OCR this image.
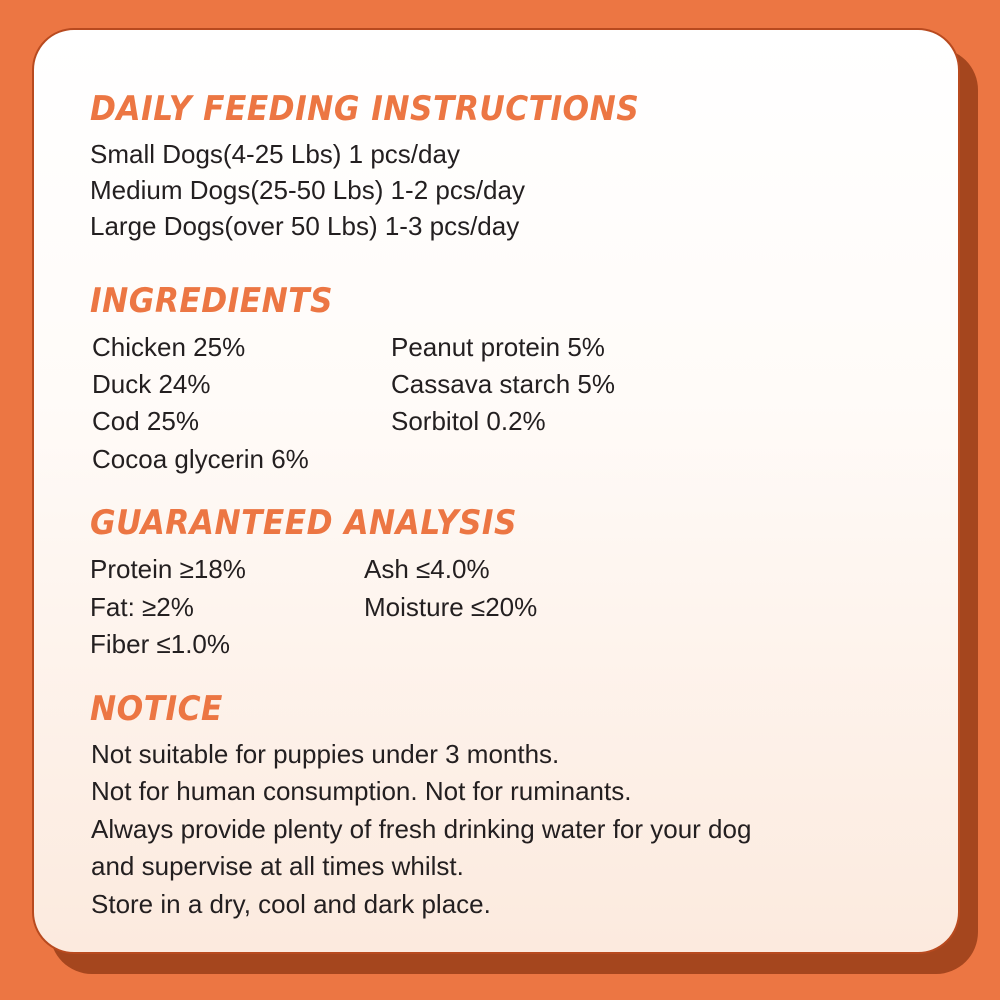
DAILY FEEDING INSTRUCTIONS

Small Dogs(4-25 Lbs) 1 pcs/day

Medium Dogs(25-50 Lbs) 1-2 pcs/day

Large Dogs(over 50 Lbs) 1-3 pcs/day

INGREDIENTS

Chicken 25%

Duck 24%

Cod 25%

Cocoa glycerin 6%

Peanut protein 5%

Cassava starch 5%

Sorbitol 0.2%

GUARANTEED ANALYSIS

Protein ≥18%

Fat: ≥2%

Fiber ≤1.0%

Ash ≤4.0%

Moisture ≤20%

NOTICE

Not suitable for puppies under 3 months.

Not for human consumption. Not for ruminants.

Always provide plenty of fresh drinking water for your dog

and supervise at all times whilst.

Store in a dry, cool and dark place.
